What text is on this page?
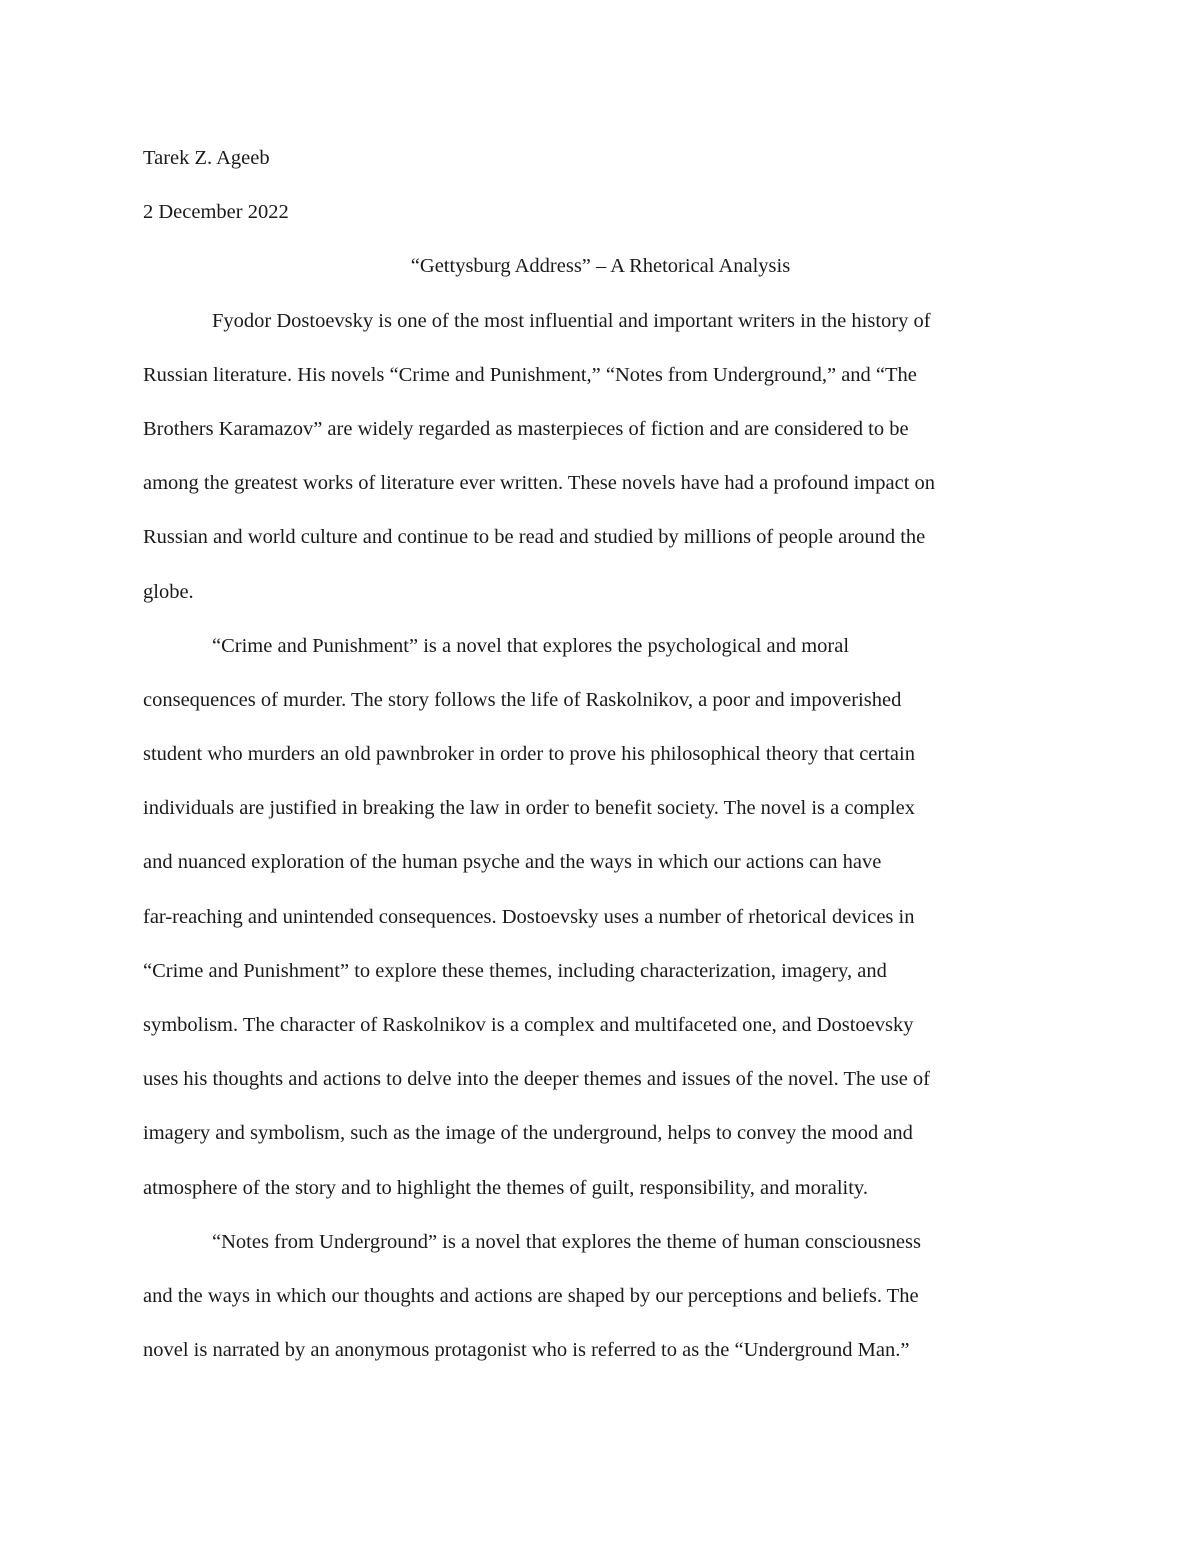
Tarek Z. Ageeb
2 December 2022
“Gettysburg Address” – A Rhetorical Analysis
Fyodor Dostoevsky is one of the most influential and important writers in the history of
Russian literature. His novels “Crime and Punishment,” “Notes from Underground,” and “The
Brothers Karamazov” are widely regarded as masterpieces of fiction and are considered to be
among the greatest works of literature ever written. These novels have had a profound impact on
Russian and world culture and continue to be read and studied by millions of people around the
globe.
“Crime and Punishment” is a novel that explores the psychological and moral
consequences of murder. The story follows the life of Raskolnikov, a poor and impoverished
student who murders an old pawnbroker in order to prove his philosophical theory that certain
individuals are justified in breaking the law in order to benefit society. The novel is a complex
and nuanced exploration of the human psyche and the ways in which our actions can have
far-reaching and unintended consequences. Dostoevsky uses a number of rhetorical devices in
“Crime and Punishment” to explore these themes, including characterization, imagery, and
symbolism. The character of Raskolnikov is a complex and multifaceted one, and Dostoevsky
uses his thoughts and actions to delve into the deeper themes and issues of the novel. The use of
imagery and symbolism, such as the image of the underground, helps to convey the mood and
atmosphere of the story and to highlight the themes of guilt, responsibility, and morality.
“Notes from Underground” is a novel that explores the theme of human consciousness
and the ways in which our thoughts and actions are shaped by our perceptions and beliefs. The
novel is narrated by an anonymous protagonist who is referred to as the “Underground Man.”
